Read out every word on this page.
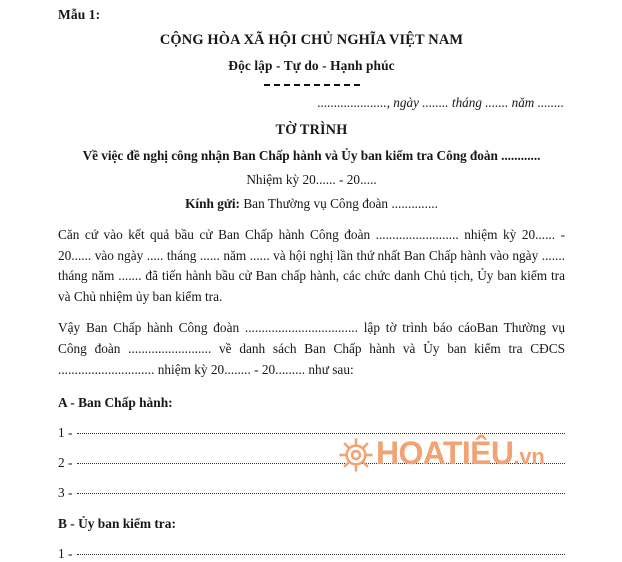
Mẫu 1:
CỘNG HÒA XÃ HỘI CHỦ NGHĨA VIỆT NAM
Độc lập - Tự do - Hạnh phúc
....................., ngày ........ tháng ....... năm ........
TỜ TRÌNH
Về việc đề nghị công nhận Ban Chấp hành và Ủy ban kiểm tra Công đoàn ............
Nhiệm kỳ 20...... - 20.....
Kính gửi: Ban Thường vụ Công đoàn ..............
Căn cứ vào kết quả bầu cử Ban Chấp hành Công đoàn ......................... nhiệm kỳ 20...... - 20...... vào ngày ..... tháng ...... năm ...... và hội nghị lần thứ nhất Ban Chấp hành vào ngày ....... tháng năm ....... đã tiến hành bầu cử Ban chấp hành, các chức danh Chủ tịch, Ủy ban kiểm tra và Chủ nhiệm ủy ban kiểm tra.
Vậy Ban Chấp hành Công đoàn .................................. lập tờ trình báo cáoBan Thường vụ Công đoàn ......................... về danh sách Ban Chấp hành và Ủy ban kiểm tra CĐCS ............................. nhiệm kỳ 20........ - 20......... như sau:
A - Ban Chấp hành:
1 -
2 -
3 -
B - Ủy ban kiểm tra:
1 -
HOATIÊU.vn
